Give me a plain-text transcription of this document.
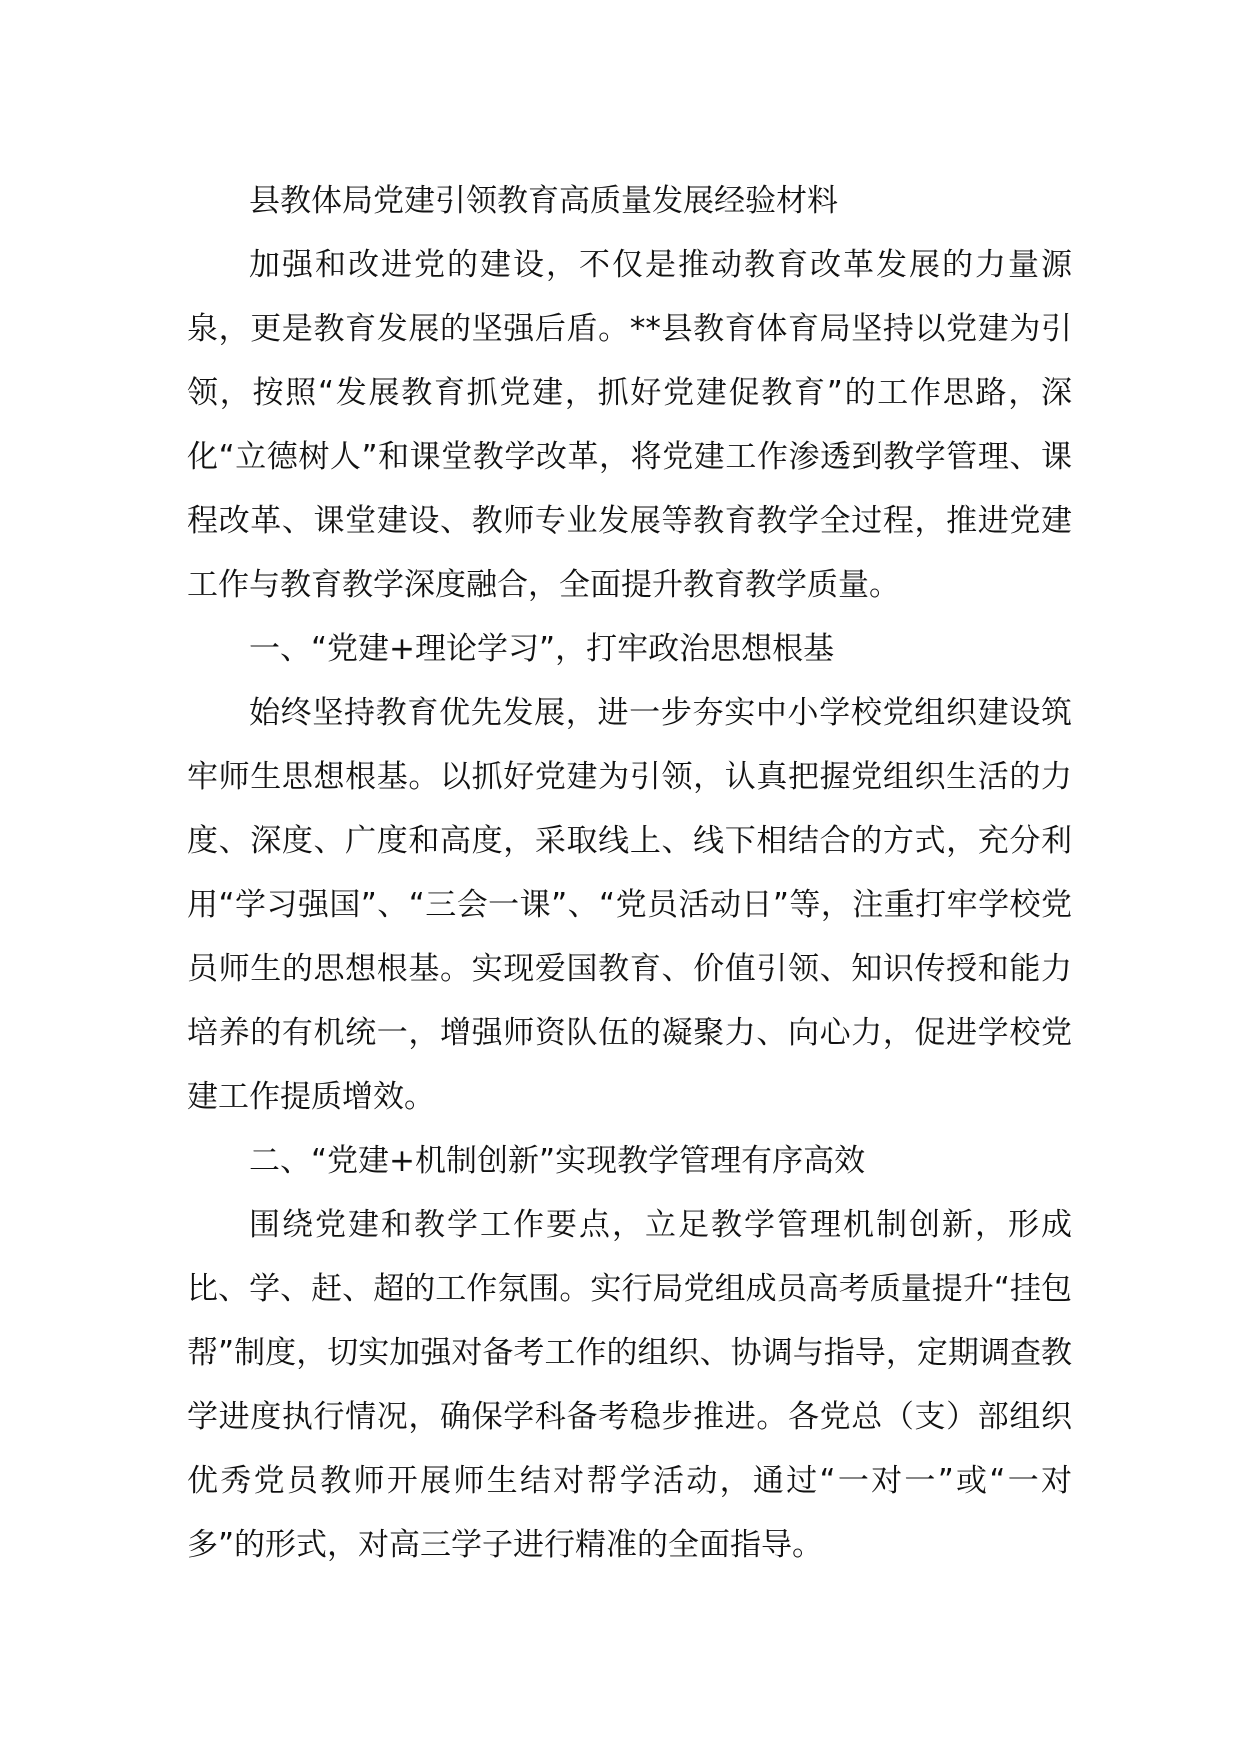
县教体局党建引领教育高质量发展经验材料

加强和改进党的建设，不仅是推动教育改革发展的力量源泉，更是教育发展的坚强后盾。**县教育体育局坚持以党建为引领，按照“发展教育抓党建，抓好党建促教育”的工作思路，深化“立德树人”和课堂教学改革，将党建工作渗透到教学管理、课程改革、课堂建设、教师专业发展等教育教学全过程，推进党建工作与教育教学深度融合，全面提升教育教学质量。

一、“党建+理论学习”，打牢政治思想根基

始终坚持教育优先发展，进一步夯实中小学校党组织建设筑牢师生思想根基。以抓好党建为引领，认真把握党组织生活的力度、深度、广度和高度，采取线上、线下相结合的方式，充分利用“学习强国”、“三会一课”、“党员活动日”等，注重打牢学校党员师生的思想根基。实现爱国教育、价值引领、知识传授和能力培养的有机统一，增强师资队伍的凝聚力、向心力，促进学校党建工作提质增效。

二、“党建+机制创新”实现教学管理有序高效

围绕党建和教学工作要点，立足教学管理机制创新，形成比、学、赶、超的工作氛围。实行局党组成员高考质量提升“挂包帮”制度，切实加强对备考工作的组织、协调与指导，定期调查教学进度执行情况，确保学科备考稳步推进。各党总（支）部组织优秀党员教师开展师生结对帮学活动，通过“一对一”或“一对多”的形式，对高三学子进行精准的全面指导。
